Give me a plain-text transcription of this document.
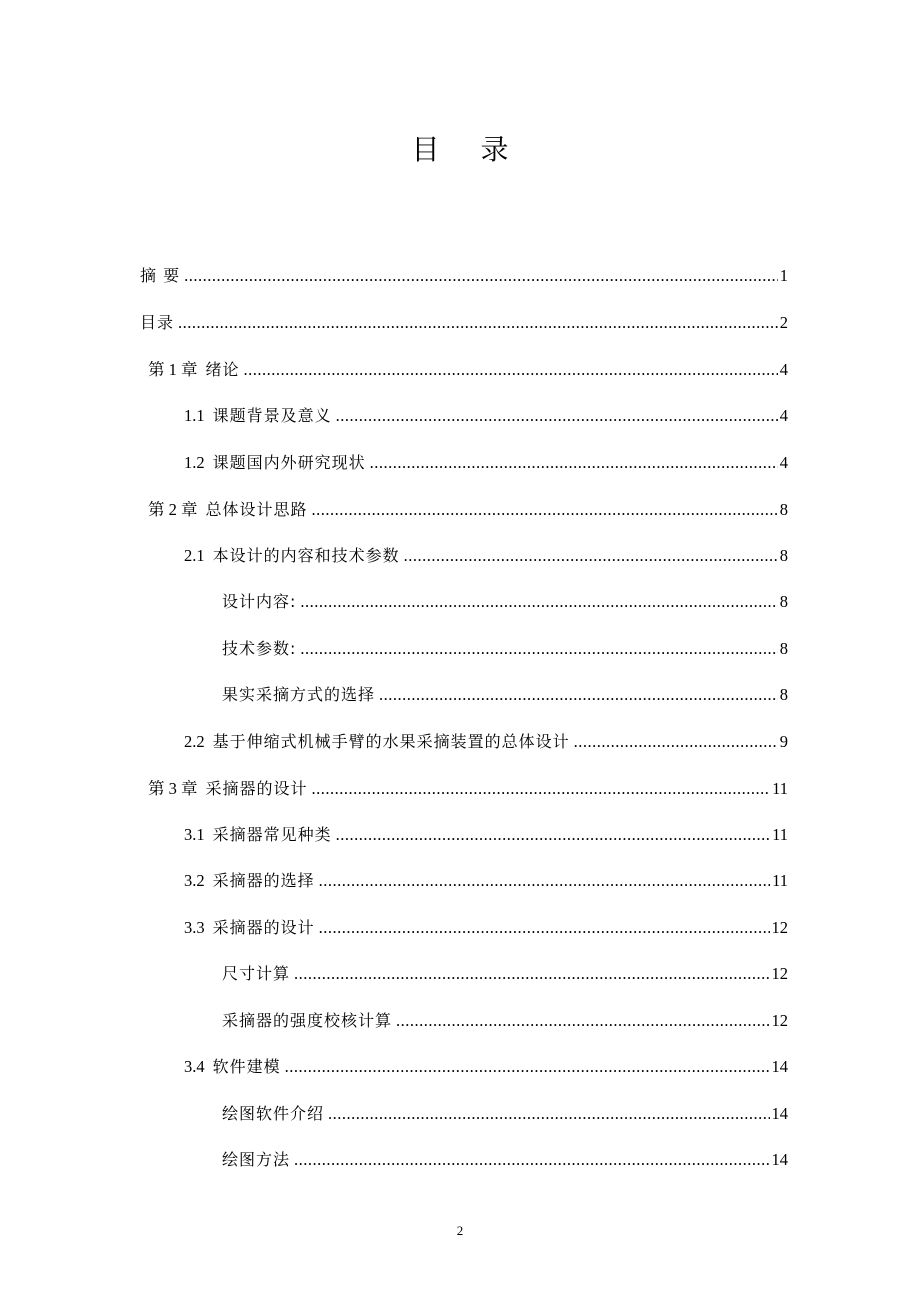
目 录
摘 要 .....	1
目录 .....	2
第 1 章 绪论 .....	4
1.1 课题背景及意义 .....	4
1.2 课题国内外研究现状 .....	4
第 2 章 总体设计思路 .....	8
2.1 本设计的内容和技术参数 .....	8
设计内容: .....	8
技术参数: .....	8
果实采摘方式的选择 .....	8
2.2 基于伸缩式机械手臂的水果采摘装置的总体设计 .....	9
第 3 章 采摘器的设计 .....	11
3.1 采摘器常见种类 .....	11
3.2 采摘器的选择 .....	11
3.3 采摘器的设计 .....	12
尺寸计算 .....	12
采摘器的强度校核计算 .....	12
3.4 软件建模 .....	14
绘图软件介绍 .....	14
绘图方法 .....	14
2
